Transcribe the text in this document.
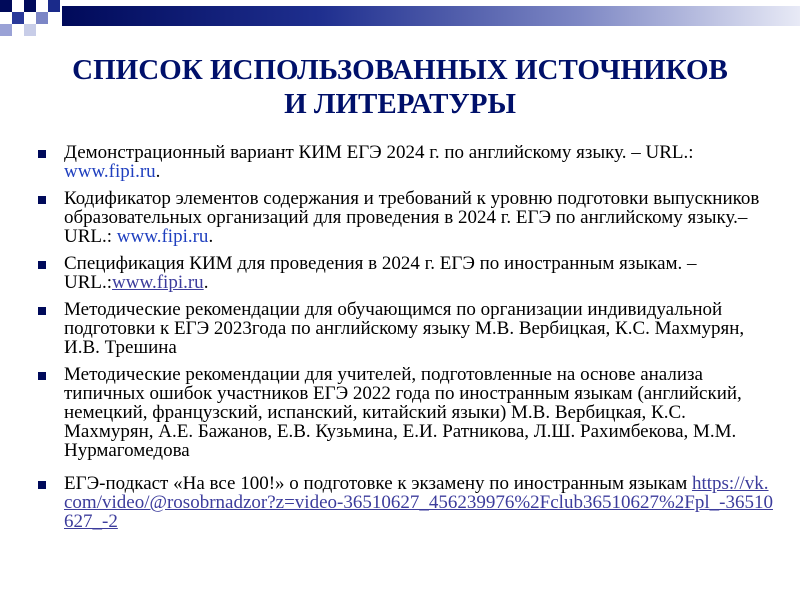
СПИСОК ИСПОЛЬЗОВАННЫХ ИСТОЧНИКОВ
И ЛИТЕРАТУРЫ
Демонстрационный вариант КИМ ЕГЭ 2024 г. по английскому языку. – URL.: www.fipi.ru.
Кодификатор элементов содержания и требований к уровню подготовки выпускников образовательных организаций для проведения в 2024 г. ЕГЭ по английскому языку.–URL.: www.fipi.ru.
Спецификация КИМ для проведения в 2024 г. ЕГЭ по иностранным языкам. – URL.:www.fipi.ru.
Методические рекомендации для обучающимся по организации индивидуальной подготовки к ЕГЭ 2023года по английскому языку М.В. Вербицкая, К.С. Махмурян, И.В. Трешина
Методические рекомендации для учителей, подготовленные на основе анализа типичных ошибок участников ЕГЭ 2022 года по иностранным языкам (английский, немецкий, французский, испанский, китайский языки) М.В. Вербицкая, К.С. Махмурян, А.Е. Бажанов, Е.В. Кузьмина, Е.И. Ратникова, Л.Ш. Рахимбекова, М.М. Нурмагомедова
ЕГЭ-подкаст «На все 100!» о подготовке к экзамену по иностранным языкам https://vk.com/video/@rosobrnadzor?z=video-36510627_456239976%2Fclub36510627%2Fpl_-36510627_-2
